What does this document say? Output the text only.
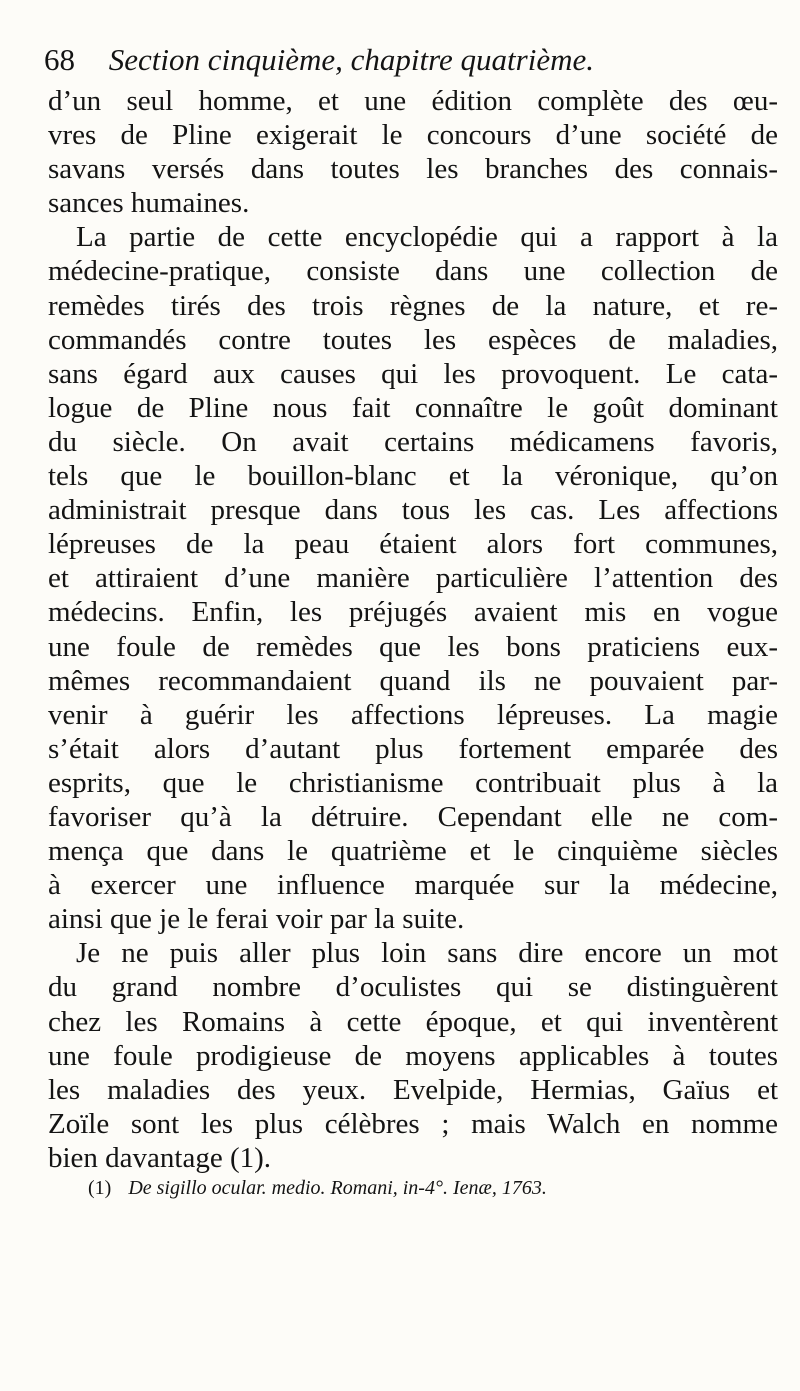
68 Section cinquième, chapitre quatrième.
d’un seul homme, et une édition complète des œu-
vres de Pline exigerait le concours d’une société de
savans versés dans toutes les branches des connais-
sances humaines.
La partie de cette encyclopédie qui a rapport à la
médecine-pratique, consiste dans une collection de
remèdes tirés des trois règnes de la nature, et re-
commandés contre toutes les espèces de maladies,
sans égard aux causes qui les provoquent. Le cata-
logue de Pline nous fait connaître le goût dominant
du siècle. On avait certains médicamens favoris,
tels que le bouillon-blanc et la véronique, qu’on
administrait presque dans tous les cas. Les affections
lépreuses de la peau étaient alors fort communes,
et attiraient d’une manière particulière l’attention des
médecins. Enfin, les préjugés avaient mis en vogue
une foule de remèdes que les bons praticiens eux-
mêmes recommandaient quand ils ne pouvaient par-
venir à guérir les affections lépreuses. La magie
s’était alors d’autant plus fortement emparée des
esprits, que le christianisme contribuait plus à la
favoriser qu’à la détruire. Cependant elle ne com-
mença que dans le quatrième et le cinquième siècles
à exercer une influence marquée sur la médecine,
ainsi que je le ferai voir par la suite.
Je ne puis aller plus loin sans dire encore un mot
du grand nombre d’oculistes qui se distinguèrent
chez les Romains à cette époque, et qui inventèrent
une foule prodigieuse de moyens applicables à toutes
les maladies des yeux. Evelpide, Hermias, Gaïus et
Zoïle sont les plus célèbres ; mais Walch en nomme
bien davantage (1).
(1) De sigillo ocular. medio. Romani, in-4°. Ienæ, 1763.
